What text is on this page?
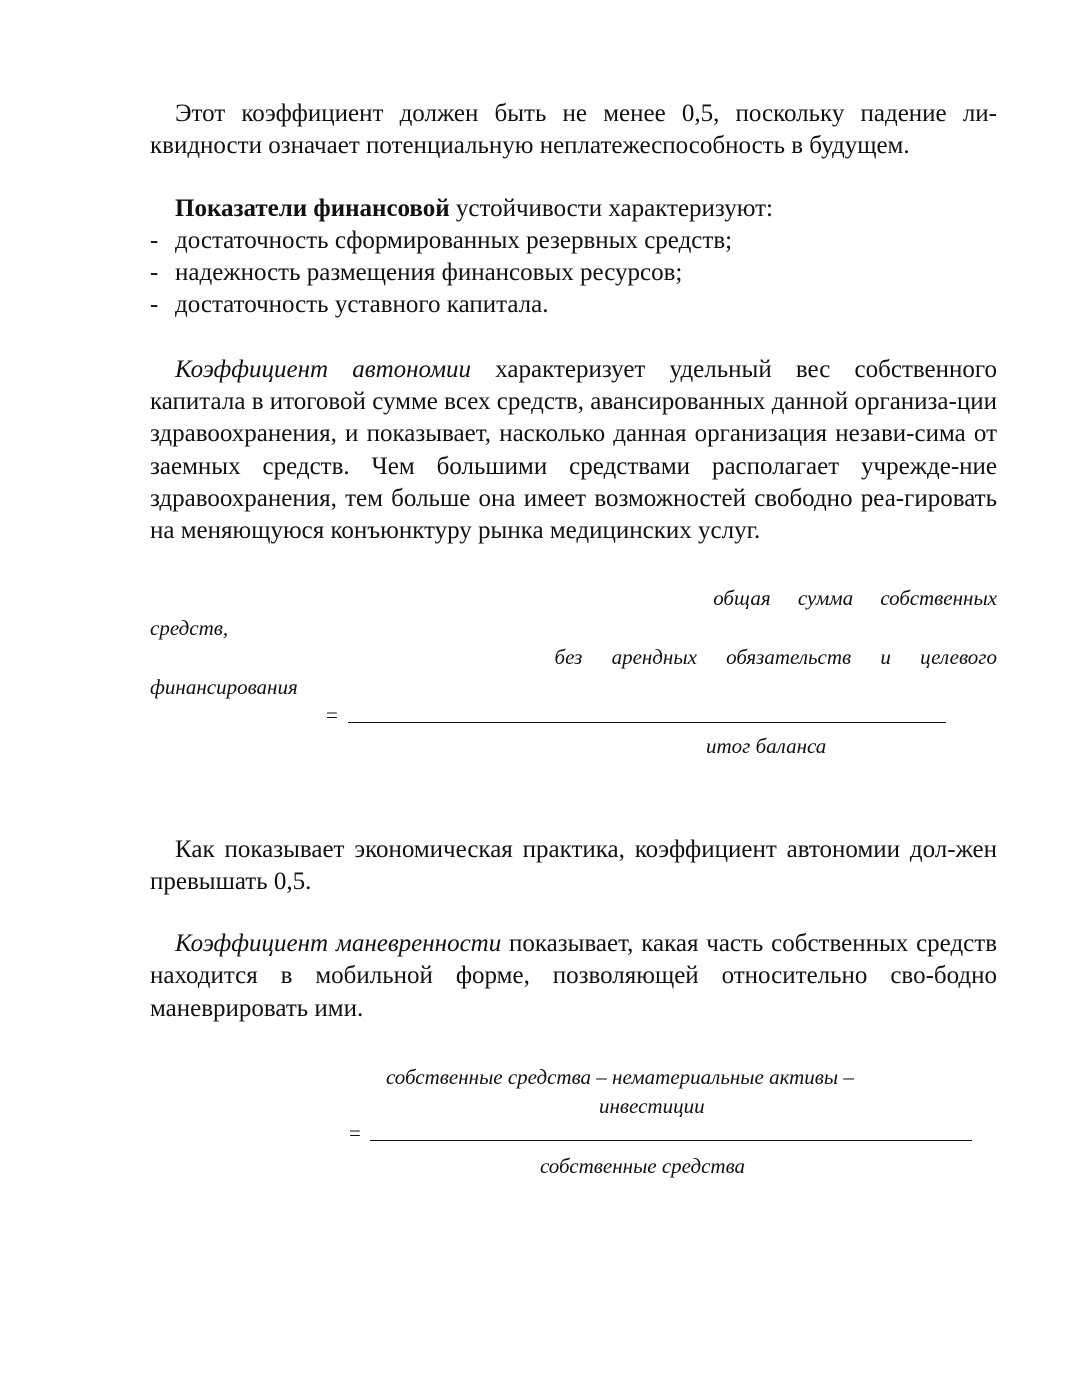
Этот коэффициент должен быть не менее 0,5, поскольку падение ли-квидности означает потенциальную неплатежеспособность в будущем.

Показатели финансовой устойчивости характеризуют:

- достаточность сформированных резервных средств;
- надежность размещения финансовых ресурсов;
- достаточность уставного капитала.

Коэффициент автономии характеризует удельный вес собственного капитала в итоговой сумме всех средств, авансированных данной организа-ции здравоохранения, и показывает, насколько данная организация незави-сима от заемных средств. Чем большими средствами располагает учрежде-ние здравоохранения, тем больше она имеет возможностей свободно реа-гировать на меняющуюся конъюнктуру рынка медицинских услуг.

общая сумма собственных
средств,
без арендных обязательств и целевого
финансирования
=
итог баланса

Как показывает экономическая практика, коэффициент автономии дол-жен превышать 0,5.

Коэффициент маневренности показывает, какая часть собственных средств находится в мобильной форме, позволяющей относительно сво-бодно маневрировать ими.

собственные средства – нематериальные активы –
инвестиции
=
собственные средства
